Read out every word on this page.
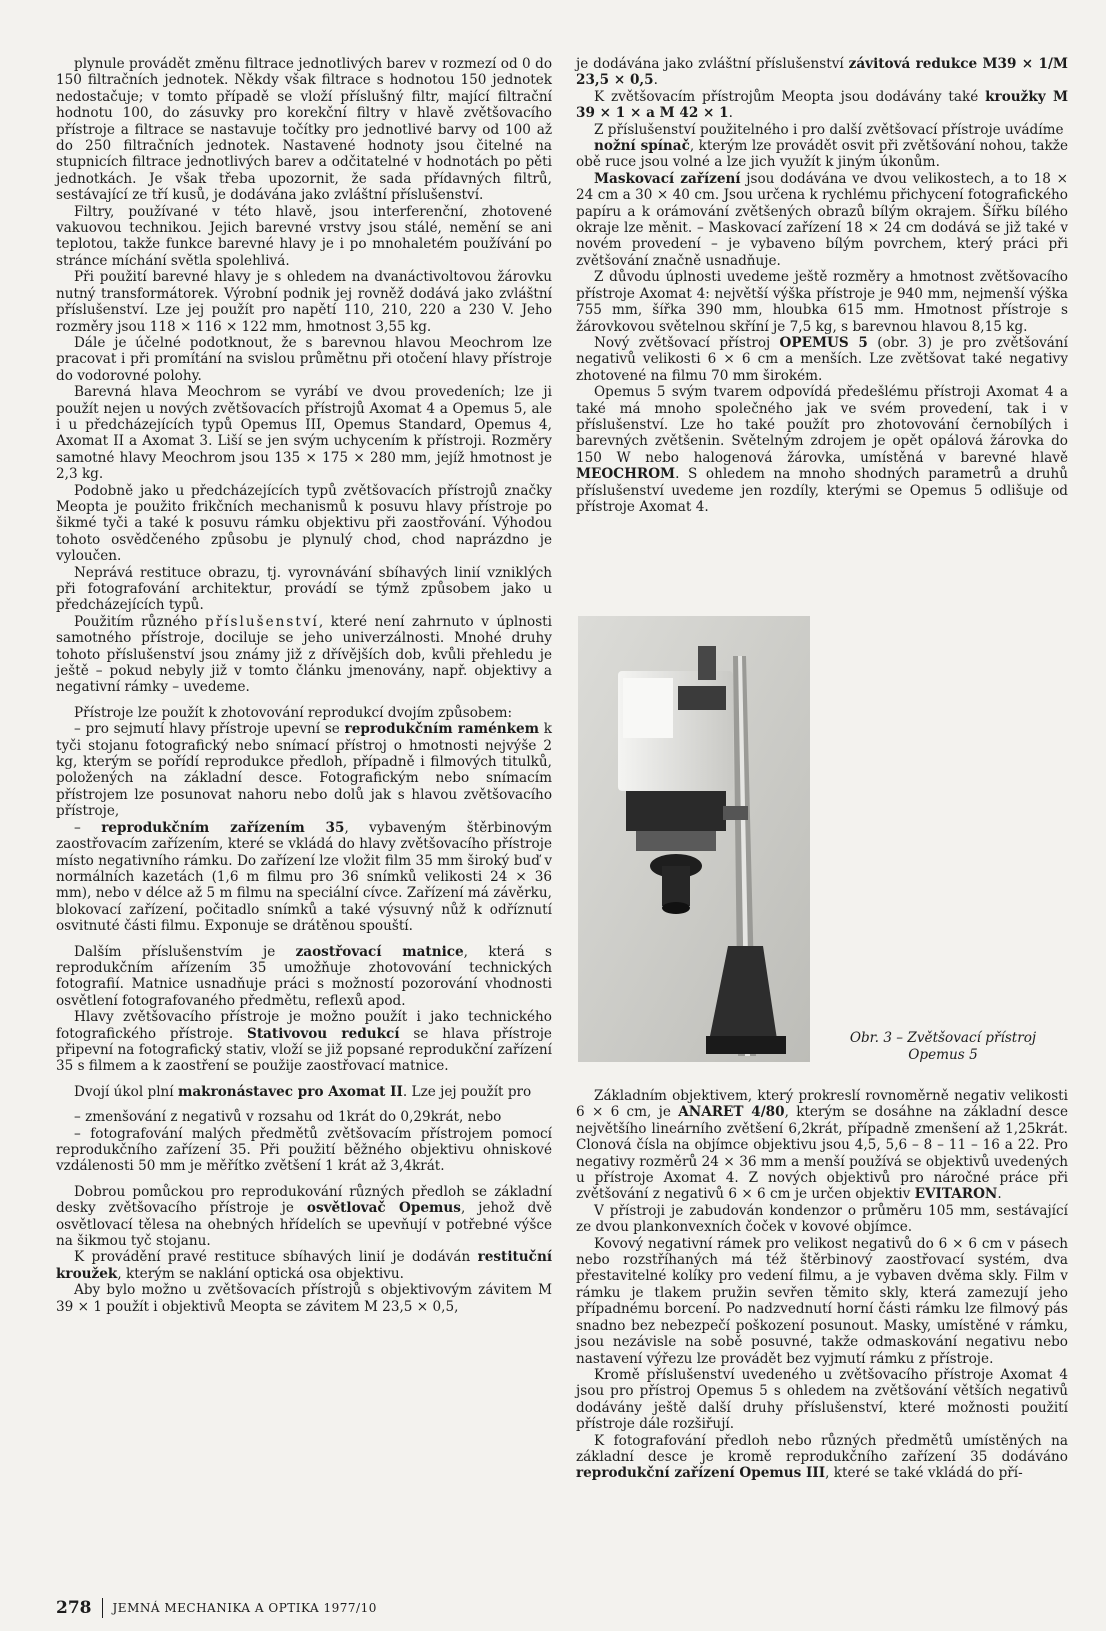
plynule provádět změnu filtrace jednotlivých barev v rozmezí od 0 do 150 filtračních jednotek. Někdy však filtrace s hodnotou 150 jednotek nedostačuje; v tomto případě se vloží příslušný filtr, mající filtrační hodnotu 100, do zásuvky pro korekční filtry v hlavě zvětšovacího přístroje a filtrace se nastavuje točítky pro jednotlivé barvy od 100 až do 250 filtračních jednotek. Nastavené hodnoty jsou čitelné na stupnicích filtrace jednotlivých barev a odčitatelné v hodnotách po pěti jednotkách. Je však třeba upozornit, že sada přídavných filtrů, sestávající ze tří kusů, je dodávána jako zvláštní příslušenství.

Filtry, používané v této hlavě, jsou interferenční, zhotovené vakuovou technikou. Jejich barevné vrstvy jsou stálé, nemění se ani teplotou, takže funkce barevné hlavy je i po mnohaletém používání po stránce míchání světla spolehlivá.

Při použití barevné hlavy je s ohledem na dvanáctivoltovou žárovku nutný transformátorek. Výrobní podnik jej rovněž dodává jako zvláštní příslušenství. Lze jej použít pro napětí 110, 210, 220 a 230 V. Jeho rozměry jsou 118 × 116 × 122 mm, hmotnost 3,55 kg.

Dále je účelné podotknout, že s barevnou hlavou Meochrom lze pracovat i při promítání na svislou průmětnu při otočení hlavy přístroje do vodorovné polohy.

Barevná hlava Meochrom se vyrábí ve dvou provedeních; lze ji použít nejen u nových zvětšovacích přístrojů Axomat 4 a Opemus 5, ale i u předcházejících typů Opemus III, Opemus Standard, Opemus 4, Axomat II a Axomat 3. Liší se jen svým uchycením k přístroji. Rozměry samotné hlavy Meochrom jsou 135 × 175 × 280 mm, jejíž hmotnost je 2,3 kg.

Podobně jako u předcházejících typů zvětšovacích přístrojů značky Meopta je použito frikčních mechanismů k posuvu hlavy přístroje po šikmé tyči a také k posuvu rámku objektivu při zaostřování. Výhodou tohoto osvědčeného způsobu je plynulý chod, chod naprázdno je vyloučen.

Neprává restituce obrazu, tj. vyrovnávání sbíhavých linií vzniklých při fotografování architektur, provádí se týmž způsobem jako u předcházejících typů.

Použitím různého příslušenství, které není zahrnuto v úplnosti samotného přístroje, dociluje se jeho univerzálnosti. Mnohé druhy tohoto příslušenství jsou známy již z dřívějších dob, kvůli přehledu je ještě – pokud nebyly již v tomto článku jmenovány, např. objektivy a negativní rámky – uvedeme.

Přístroje lze použít k zhotovování reprodukcí dvojím způsobem:

– pro sejmutí hlavy přístroje upevní se reprodukčním raménkem k tyči stojanu fotografický nebo snímací přístroj o hmotnosti nejvýše 2 kg, kterým se pořídí reprodukce předloh, případně i filmových titulků, položených na základní desce. Fotografickým nebo snímacím přístrojem lze posunovat nahoru nebo dolů jak s hlavou zvětšovacího přístroje,

– reprodukčním zařízením 35, vybaveným štěrbinovým zaostřovacím zařízením, které se vkládá do hlavy zvětšovacího přístroje místo negativního rámku. Do zařízení lze vložit film 35 mm široký buď v normálních kazetách (1,6 m filmu pro 36 snímků velikosti 24 × 36 mm), nebo v délce až 5 m filmu na speciální cívce. Zařízení má závěrku, blokovací zařízení, počitadlo snímků a také výsuvný nůž k odříznutí osvitnuté části filmu. Exponuje se drátěnou spouští.

Dalším příslušenstvím je zaostřovací matnice, která s reprodukčním ařízením 35 umožňuje zhotovování technických fotografií. Matnice usnadňuje práci s možností pozorování vhodnosti osvětlení fotografovaného předmětu, reflexů apod.

Hlavy zvětšovacího přístroje je možno použít i jako technického fotografického přístroje. Stativovou redukcí se hlava přístroje připevní na fotografický stativ, vloží se již popsané reprodukční zařízení 35 s filmem a k zaostření se použije zaostřovací matnice.

Dvojí úkol plní makronástavec pro Axomat II. Lze jej použít pro

– zmenšování z negativů v rozsahu od 1krát do 0,29krát, nebo

– fotografování malých předmětů zvětšovacím přístrojem pomocí reprodukčního zařízení 35. Při použití běžného objektivu ohniskové vzdálenosti 50 mm je měřítko zvětšení 1 krát až 3,4krát.

Dobrou pomůckou pro reprodukování různých předloh se základní desky zvětšovacího přístroje je osvětlovač Opemus, jehož dvě osvětlovací tělesa na ohebných hřídelích se upevňují v potřebné výšce na šikmou tyč stojanu.

K provádění pravé restituce sbíhavých linií je dodáván restituční kroužek, kterým se naklání optická osa objektivu.

Aby bylo možno u zvětšovacích přístrojů s objektivovým závitem M 39 × 1 použít i objektivů Meopta se závitem M 23,5 × 0,5,

je dodávána jako zvláštní příslušenství závitová redukce M39 × 1/M 23,5 × 0,5.

K zvětšovacím přístrojům Meopta jsou dodávány také kroužky M 39 × 1 × a M 42 × 1.

Z příslušenství použitelného i pro další zvětšovací přístroje uvádíme

nožní spínač, kterým lze provádět osvit při zvětšování nohou, takže obě ruce jsou volné a lze jich využít k jiným úkonům.

Maskovací zařízení jsou dodávána ve dvou velikostech, a to 18 × 24 cm a 30 × 40 cm. Jsou určena k rychlému přichycení fotografického papíru a k orámování zvětšených obrazů bílým okrajem. Šířku bílého okraje lze měnit. – Maskovací zařízení 18 × 24 cm dodává se již také v novém provedení – je vybaveno bílým povrchem, který práci při zvětšování značně usnadňuje.

Z důvodu úplnosti uvedeme ještě rozměry a hmotnost zvětšovacího přístroje Axomat 4: největší výška přístroje je 940 mm, nejmenší výška 755 mm, šířka 390 mm, hloubka 615 mm. Hmotnost přístroje s žárovkovou světelnou skříní je 7,5 kg, s barevnou hlavou 8,15 kg.

Nový zvětšovací přístroj OPEMUS 5 (obr. 3) je pro zvětšování negativů velikosti 6 × 6 cm a menších. Lze zvětšovat také negativy zhotovené na filmu 70 mm širokém.

Opemus 5 svým tvarem odpovídá předešlému přístroji Axomat 4 a také má mnoho společného jak ve svém provedení, tak i v příslušenství. Lze ho také použít pro zhotovování černobílých i barevných zvětšenin. Světelným zdrojem je opět opálová žárovka do 150 W nebo halogenová žárovka, umístěná v barevné hlavě MEOCHROM. S ohledem na mnoho shodných parametrů a druhů příslušenství uvedeme jen rozdíly, kterými se Opemus 5 odlišuje od přístroje Axomat 4.

Obr. 3 – Zvětšovací přístroj
Opemus 5

Základním objektivem, který prokreslí rovnoměrně negativ velikosti 6 × 6 cm, je ANARET 4/80, kterým se dosáhne na základní desce největšího lineárního zvětšení 6,2krát, případně zmenšení až 1,25krát. Clonová čísla na objímce objektivu jsou 4,5, 5,6 – 8 – 11 – 16 a 22. Pro negativy rozměrů 24 × 36 mm a menší používá se objektivů uvedených u přístroje Axomat 4. Z nových objektivů pro náročné práce při zvětšování z negativů 6 × 6 cm je určen objektiv EVITARON.

V přístroji je zabudován kondenzor o průměru 105 mm, sestávající ze dvou plankonvexních čoček v kovové objímce.

Kovový negativní rámek pro velikost negativů do 6 × 6 cm v pásech nebo rozstříhaných má též štěrbinový zaostřovací systém, dva přestavitelné kolíky pro vedení filmu, a je vybaven dvěma skly. Film v rámku je tlakem pružin sevřen těmito skly, která zamezují jeho případnému borcení. Po nadzvednutí horní části rámku lze filmový pás snadno bez nebezpečí poškození posunout. Masky, umístěné v rámku, jsou nezávisle na sobě posuvné, takže odmaskování negativu nebo nastavení výřezu lze provádět bez vyjmutí rámku z přístroje.

Kromě příslušenství uvedeného u zvětšovacího přístroje Axomat 4 jsou pro přístroj Opemus 5 s ohledem na zvětšování větších negativů dodávány ještě další druhy příslušenství, které možnosti použití přístroje dále rozšiřují.

K fotografování předloh nebo různých předmětů umístěných na základní desce je kromě reprodukčního zařízení 35 dodáváno reprodukční zařízení Opemus III, které se také vkládá do pří-

278 JEMNÁ MECHANIKA A OPTIKA 1977/10
